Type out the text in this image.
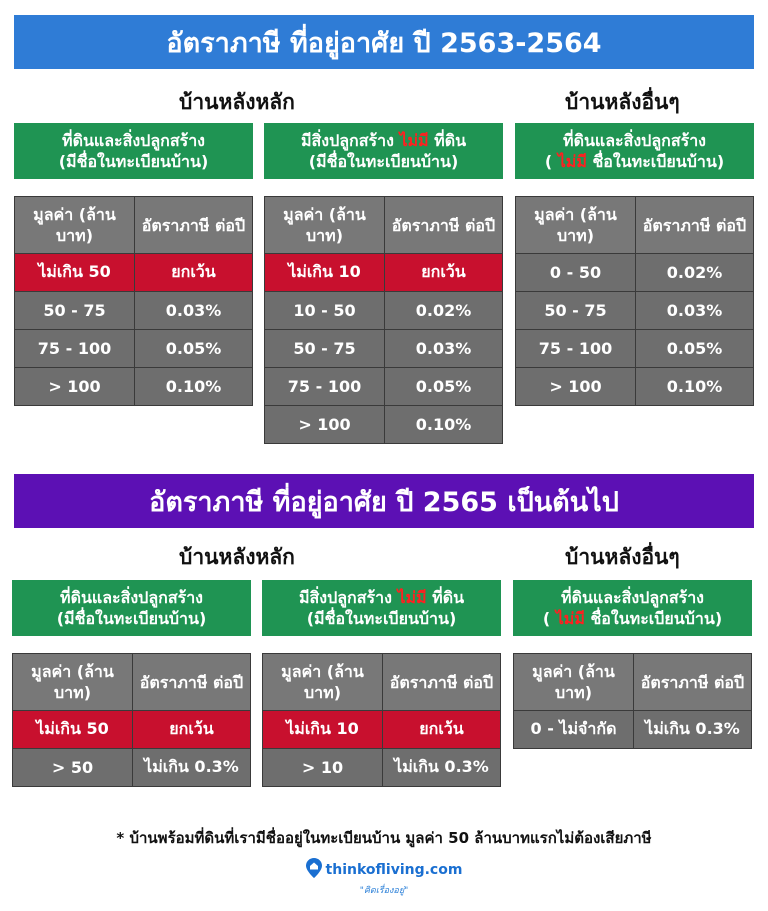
อัตราภาษี ที่อยู่อาศัย ปี 2563-2564
บ้านหลังหลัก	บ้านหลังอื่นๆ
ที่ดินและสิ่งปลูกสร้าง
(มีชื่อในทะเบียนบ้าน)
มูลค่า (ล้านบาท)	อัตราภาษี ต่อปี
ไม่เกิน 50	ยกเว้น
50 - 75	0.03%
75 - 100	0.05%
> 100	0.10%
มีสิ่งปลูกสร้าง ไม่มี ที่ดิน
(มีชื่อในทะเบียนบ้าน)
มูลค่า (ล้านบาท)	อัตราภาษี ต่อปี
ไม่เกิน 10	ยกเว้น
10 - 50	0.02%
50 - 75	0.03%
75 - 100	0.05%
> 100	0.10%
ที่ดินและสิ่งปลูกสร้าง
( ไม่มี ชื่อในทะเบียนบ้าน)
มูลค่า (ล้านบาท)	อัตราภาษี ต่อปี
0 - 50	0.02%
50 - 75	0.03%
75 - 100	0.05%
> 100	0.10%
อัตราภาษี ที่อยู่อาศัย ปี 2565 เป็นต้นไป
บ้านหลังหลัก	บ้านหลังอื่นๆ
ที่ดินและสิ่งปลูกสร้าง
(มีชื่อในทะเบียนบ้าน)
มูลค่า (ล้านบาท)	อัตราภาษี ต่อปี
ไม่เกิน 50	ยกเว้น
> 50	ไม่เกิน 0.3%
มีสิ่งปลูกสร้าง ไม่มี ที่ดิน
(มีชื่อในทะเบียนบ้าน)
มูลค่า (ล้านบาท)	อัตราภาษี ต่อปี
ไม่เกิน 10	ยกเว้น
> 10	ไม่เกิน 0.3%
ที่ดินและสิ่งปลูกสร้าง
( ไม่มี ชื่อในทะเบียนบ้าน)
มูลค่า (ล้านบาท)	อัตราภาษี ต่อปี
0 - ไม่จำกัด	ไม่เกิน 0.3%
* บ้านพร้อมที่ดินที่เรามีชื่ออยู่ในทะเบียนบ้าน มูลค่า 50 ล้านบาทแรกไม่ต้องเสียภาษี
thinkofliving.com
"คิดเรื่องอยู่"
